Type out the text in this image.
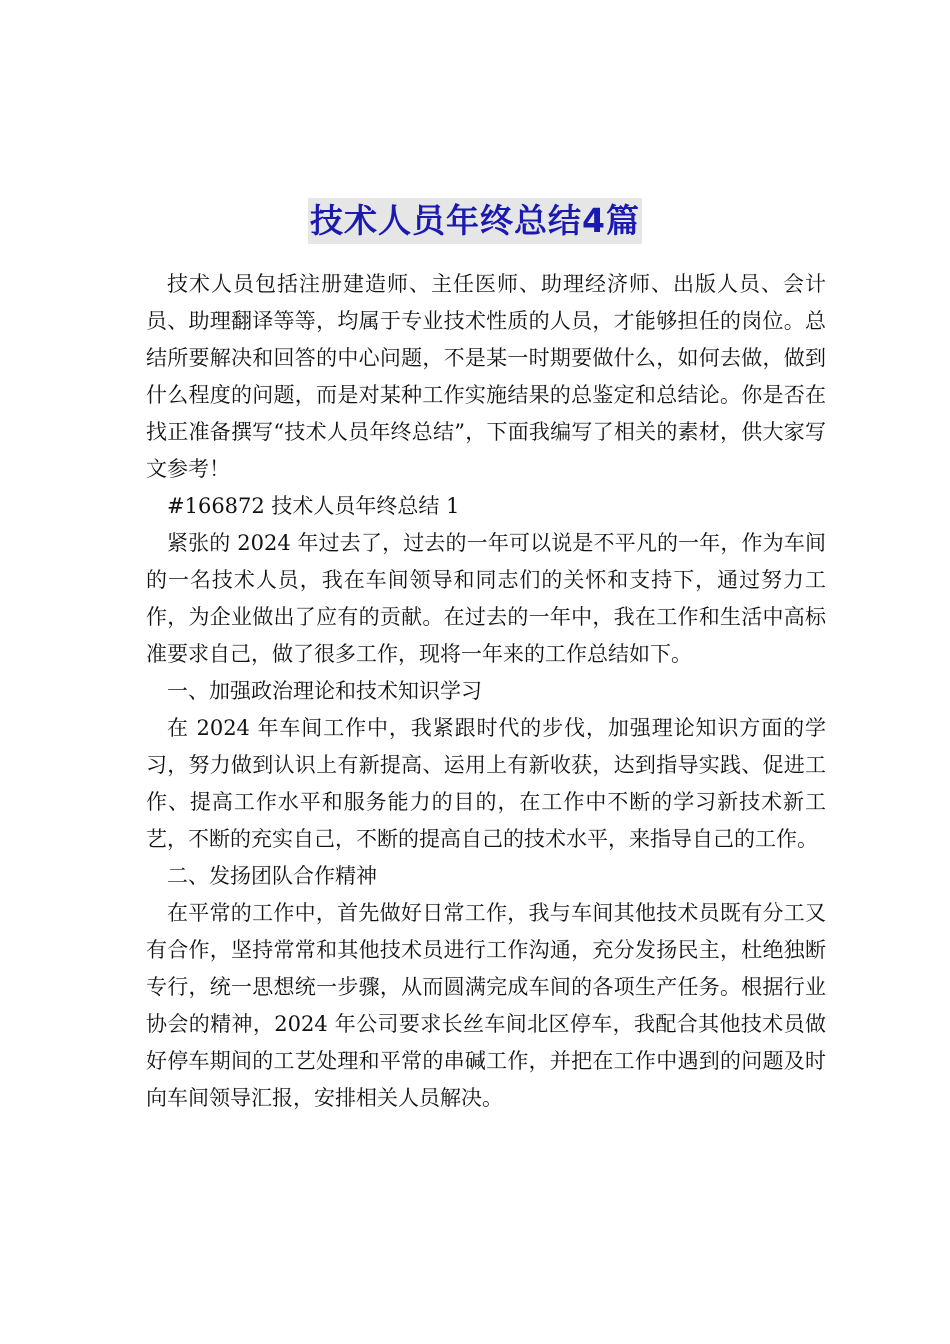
技术人员年终总结4篇

技术人员包括注册建造师、主任医师、助理经济师、出版人员、会计员、助理翻译等等，均属于专业技术性质的人员，才能够担任的岗位。总结所要解决和回答的中心问题，不是某一时期要做什么，如何去做，做到什么程度的问题，而是对某种工作实施结果的总鉴定和总结论。你是否在找正准备撰写“技术人员年终总结”，下面我编写了相关的素材，供大家写文参考！

#166872 技术人员年终总结 1

紧张的 2024 年过去了，过去的一年可以说是不平凡的一年，作为车间的一名技术人员，我在车间领导和同志们的关怀和支持下，通过努力工作，为企业做出了应有的贡献。在过去的一年中，我在工作和生活中高标准要求自己，做了很多工作，现将一年来的工作总结如下。

一、加强政治理论和技术知识学习

在 2024 年车间工作中，我紧跟时代的步伐，加强理论知识方面的学习，努力做到认识上有新提高、运用上有新收获，达到指导实践、促进工作、提高工作水平和服务能力的目的，在工作中不断的学习新技术新工艺，不断的充实自己，不断的提高自己的技术水平，来指导自己的工作。

二、发扬团队合作精神

在平常的工作中，首先做好日常工作，我与车间其他技术员既有分工又有合作，坚持常常和其他技术员进行工作沟通，充分发扬民主，杜绝独断专行，统一思想统一步骤，从而圆满完成车间的各项生产任务。根据行业协会的精神，2024 年公司要求长丝车间北区停车，我配合其他技术员做好停车期间的工艺处理和平常的串碱工作，并把在工作中遇到的问题及时向车间领导汇报，安排相关人员解决。
